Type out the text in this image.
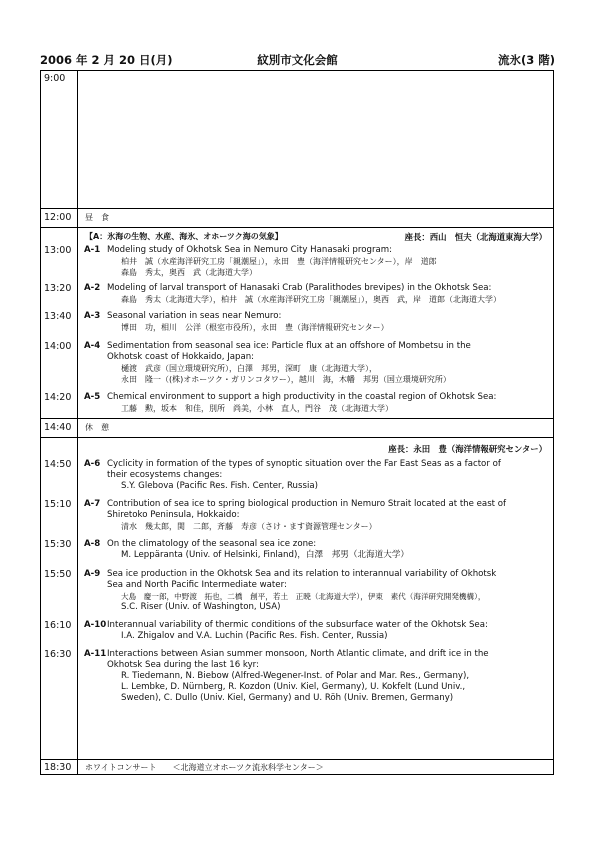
2006 年 2 月 20 日(月)	紋別市文化会館	流氷(3 階)
9:00
12:00 昼　食
【A：氷海の生物、水産、海氷、オホーツク海の気象】	座長：西山　恒夫（北海道東海大学）
13:00 A-1 Modeling study of Okhotsk Sea in Nemuro City Hanasaki program:
柏井　誠（水産海洋研究工房「親潮屋」），永田　豊（海洋情報研究センター），岸　道郎
森島　秀太，奥西　武（北海道大学）
13:20 A-2 Modeling of larval transport of Hanasaki Crab (Paralithodes brevipes) in the Okhotsk Sea:
森島　秀太（北海道大学），柏井　誠（水産海洋研究工房「親潮屋」），奥西　武，岸　道郎（北海道大学）
13:40 A-3 Seasonal variation in seas near Nemuro:
博田　功，相川　公洋（根室市役所），永田　豊（海洋情報研究センター）
14:00 A-4 Sedimentation from seasonal sea ice: Particle flux at an offshore of Mombetsu in the
Okhotsk coast of Hokkaido, Japan:
樋渡　武彦（国立環境研究所），白澤　邦男，深町　康（北海道大学），
永田　隆一（(株)オホーツク・ガリンコタワー），越川　海，木幡　邦男（国立環境研究所）
14:20 A-5 Chemical environment to support a high productivity in the coastal region of Okhotsk Sea:
工藤　勲，坂本　和佳，別所　尚美，小林　直人，門谷　茂（北海道大学）
14:40 休　憩
座長：永田　豊（海洋情報研究センター）
14:50 A-6 Cyclicity in formation of the types of synoptic situation over the Far East Seas as a factor of
their ecosystems changes:
S.Y. Glebova (Pacific Res. Fish. Center, Russia)
15:10 A-7 Contribution of sea ice to spring biological production in Nemuro Strait located at the east of
Shiretoko Peninsula, Hokkaido:
清水　幾太郎，関　二郎，斉藤　寿彦（さけ・ます資源管理センター）
15:30 A-8 On the climatology of the seasonal sea ice zone:
M. Leppäranta (Univ. of Helsinki, Finland)，白澤　邦男（北海道大学）
15:50 A-9 Sea ice production in the Okhotsk Sea and its relation to interannual variability of Okhotsk
Sea and North Pacific Intermediate water:
大島　慶一郎，中野渡　拓也，二橋　創平，若土　正暁（北海道大学），伊東　素代（海洋研究開発機構），
S.C. Riser (Univ. of Washington, USA)
16:10 A-10 Interannual variability of thermic conditions of the subsurface water of the Okhotsk Sea:
I.A. Zhigalov and V.A. Luchin (Pacific Res. Fish. Center, Russia)
16:30 A-11 Interactions between Asian summer monsoon, North Atlantic climate, and drift ice in the
Okhotsk Sea during the last 16 kyr:
R. Tiedemann, N. Biebow (Alfred-Wegener-Inst. of Polar and Mar. Res., Germany),
L. Lembke, D. Nürnberg, R. Kozdon (Univ. Kiel, Germany), U. Kokfelt (Lund Univ.,
Sweden), C. Dullo (Univ. Kiel, Germany) and U. Röh (Univ. Bremen, Germany)
18:30 ホワイトコンサート　　＜北海道立オホーツク流氷科学センター＞
